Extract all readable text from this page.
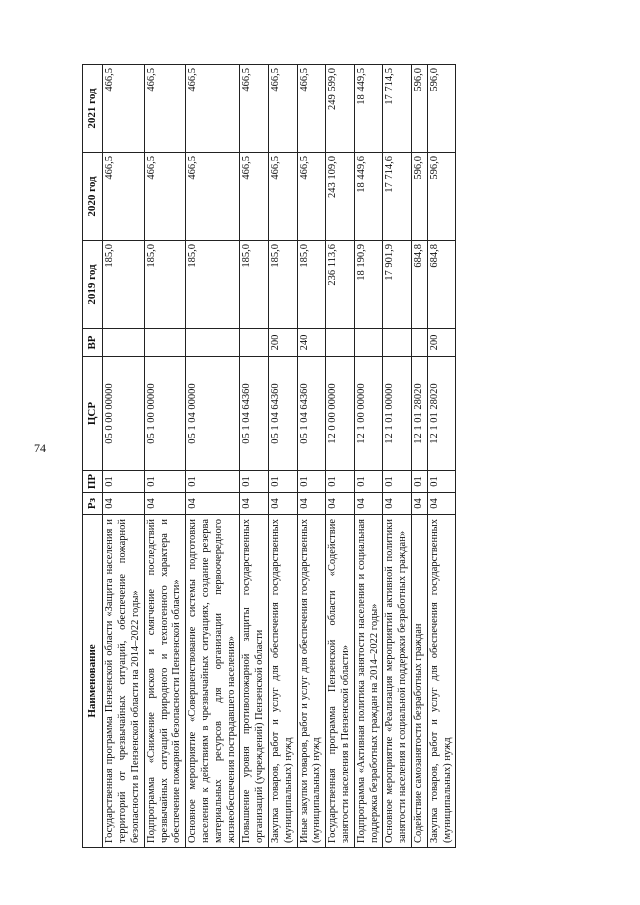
74
Наименование	Рз	ПР	ЦСР	ВР	2019 год	2020 год	2021 год
Государственная программа Пензенской области «Защита населения и территорий от чрезвычайных ситуаций, обеспечение пожарной безопасности в Пензенской области на 2014–2022 годы»	04	01	05 0 00 00000		185,0	466,5	466,5
Подпрограмма «Снижение рисков и смягчение последствий чрезвычайных ситуаций природного и техногенного характера и обеспечение пожарной безопасности Пензенской области»	04	01	05 1 00 00000		185,0	466,5	466,5
Основное мероприятие «Совершенствование системы подготовки населения к действиям в чрезвычайных ситуациях, создание резерва материальных ресурсов для организации первоочередного жизнеобеспечения пострадавшего населения»	04	01	05 1 04 00000		185,0	466,5	466,5
Повышение уровня противопожарной защиты государственных организаций (учреждений) Пензенской области	04	01	05 1 04 64360		185,0	466,5	466,5
Закупка товаров, работ и услуг для обеспечения государственных (муниципальных) нужд	04	01	05 1 04 64360	200	185,0	466,5	466,5
Иные закупки товаров, работ и услуг для обеспечения государственных (муниципальных) нужд	04	01	05 1 04 64360	240	185,0	466,5	466,5
Государственная программа Пензенской области «Содействие занятости населения в Пензенской области»	04	01	12 0 00 00000		236 113,6	243 109,0	249 599,0
Подпрограмма «Активная политика занятости населения и социальная поддержка безработных граждан на 2014–2022 годы»	04	01	12 1 00 00000		18 190,9	18 449,6	18 449,5
Основное мероприятие «Реализация мероприятий активной политики занятости населения и социальной поддержки безработных граждан»	04	01	12 1 01 00000		17 901,9	17 714,6	17 714,5
Содействие самозанятости безработных граждан	04	01	12 1 01 28020		684,8	596,0	596,0
Закупка товаров, работ и услуг для обеспечения государственных (муниципальных) нужд	04	01	12 1 01 28020	200	684,8	596,0	596,0
